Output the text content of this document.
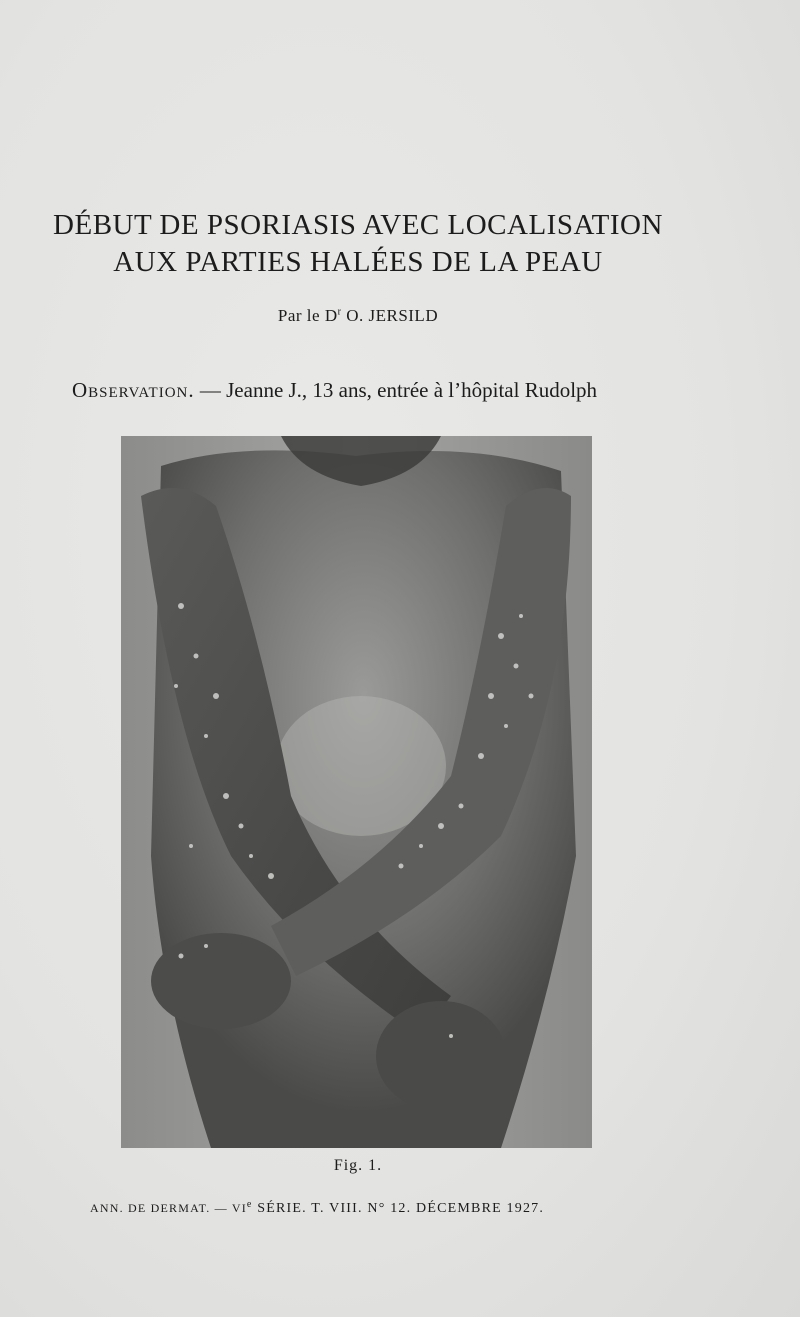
DÉBUT DE PSORIASIS AVEC LOCALISATION
AUX PARTIES HALÉES DE LA PEAU
Par le $D^r$ O. JERSILD
Observation. — Jeanne J., 13 ans, entrée à l’hôpital Rudolph
Fig. 1.
ANN. DE DERMAT. — VIe SÉRIE. T. VIII. N° 12. DÉCEMBRE 1927.
